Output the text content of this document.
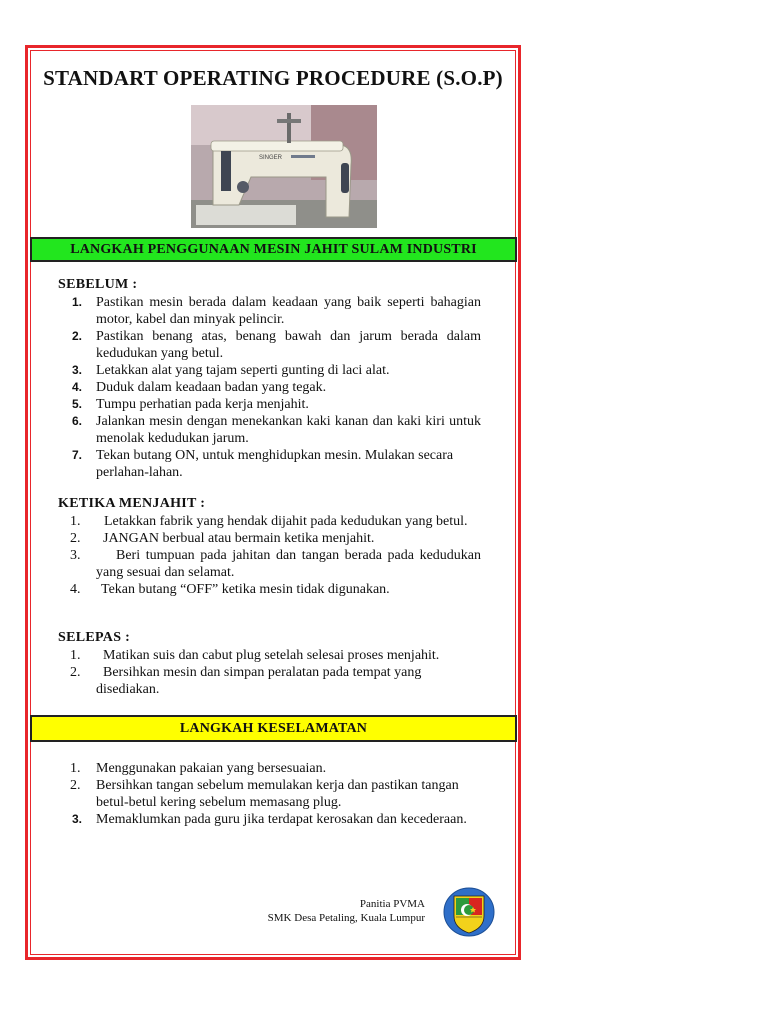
STANDART OPERATING PROCEDURE (S.O.P)
SINGER
LANGKAH PENGGUNAAN MESIN JAHIT SULAM INDUSTRI
SEBELUM :
1. Pastikan mesin berada dalam keadaan yang baik seperti bahagian motor, kabel dan minyak pelincir.
2. Pastikan benang atas, benang bawah dan jarum berada dalam kedudukan yang betul.
3. Letakkan alat yang tajam seperti gunting di laci alat.
4. Duduk dalam keadaan badan yang tegak.
5. Tumpu perhatian pada kerja menjahit.
6. Jalankan mesin dengan menekankan kaki kanan dan kaki kiri untuk menolak kedudukan jarum.
7. Tekan butang ON, untuk menghidupkan mesin. Mulakan secara perlahan-lahan.
KETIKA MENJAHIT :
1.	Letakkan fabrik yang hendak dijahit pada kedudukan yang betul.
2.	JANGAN berbual atau bermain ketika menjahit.
3.	Beri tumpuan pada jahitan dan tangan berada pada kedudukan yang sesuai dan selamat.
4.	Tekan butang “OFF” ketika mesin tidak digunakan.
SELEPAS :
1.	Matikan suis dan cabut plug setelah selesai proses menjahit.
2.	Bersihkan mesin dan simpan peralatan pada tempat yang disediakan.
LANGKAH KESELAMATAN
1.	Menggunakan pakaian yang bersesuaian.
2.	Bersihkan tangan sebelum memulakan kerja dan pastikan tangan betul-betul kering sebelum memasang plug.
3. Memaklumkan pada guru jika terdapat kerosakan dan kecederaan.
Panitia PVMA
SMK Desa Petaling, Kuala Lumpur
